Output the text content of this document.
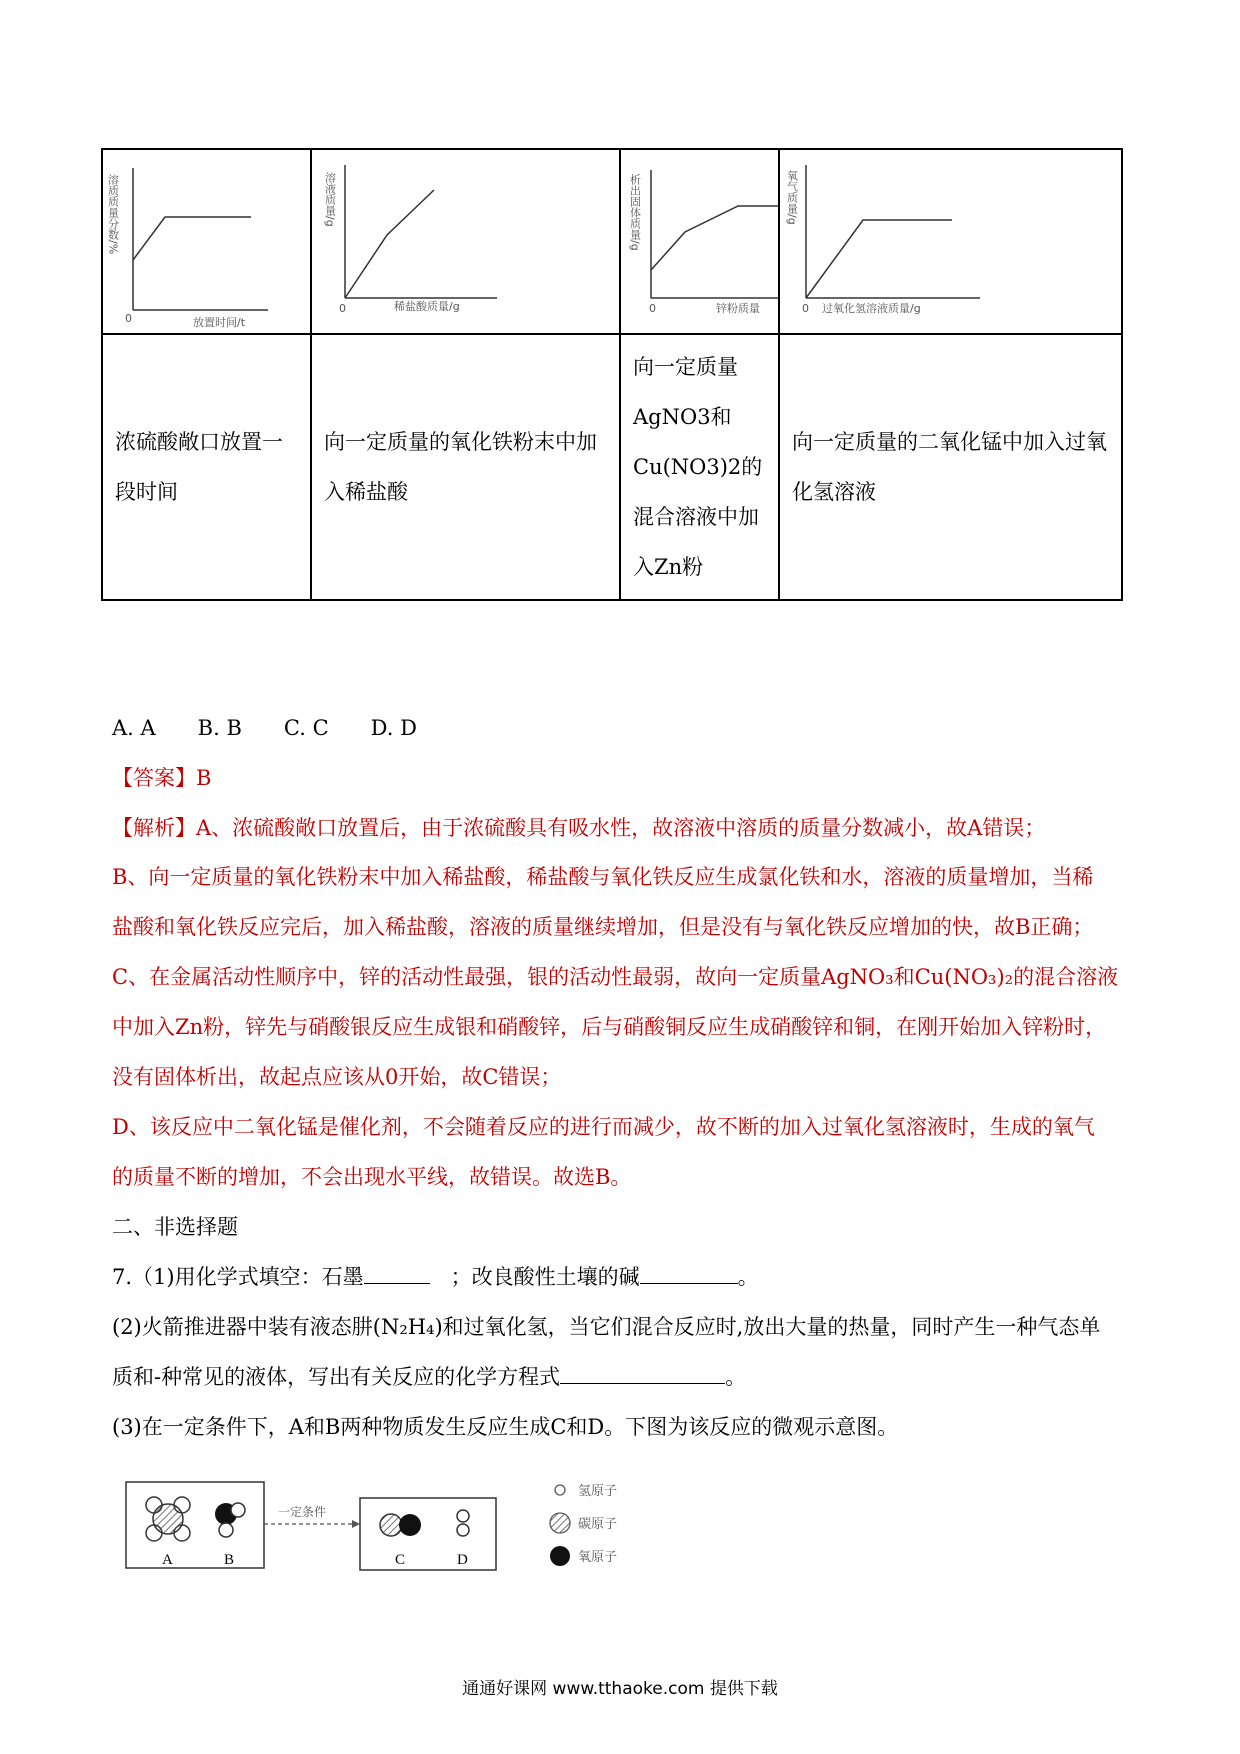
0
溶质质量分数/%
放置时间/t	0
溶液质量/g
稀盐酸质量/g	0
析出固体质量/g
锌粉质量	0
氧气质量/g
过氧化氢溶液质量/g

浓硫酸敞口放置一段时间	向一定质量的氧化铁粉末中加入稀盐酸	向一定质量AgNO3和Cu(NO3)2的混合溶液中加入Zn粉	向一定质量的二氧化锰中加入过氧化氢溶液
A. A　　B. B　　C. C　　D. D
【答案】B
【解析】A、浓硫酸敞口放置后，由于浓硫酸具有吸水性，故溶液中溶质的质量分数减小，故A错误；
B、向一定质量的氧化铁粉末中加入稀盐酸，稀盐酸与氧化铁反应生成氯化铁和水，溶液的质量增加，当稀
盐酸和氧化铁反应完后，加入稀盐酸，溶液的质量继续增加，但是没有与氧化铁反应增加的快，故B正确；
C、在金属活动性顺序中，锌的活动性最强，银的活动性最弱，故向一定质量AgNO₃和Cu(NO₃)₂的混合溶液
中加入Zn粉，锌先与硝酸银反应生成银和硝酸锌，后与硝酸铜反应生成硝酸锌和铜，在刚开始加入锌粉时，
没有固体析出，故起点应该从0开始，故C错误；
D、该反应中二氧化锰是催化剂，不会随着反应的进行而减少，故不断的加入过氧化氢溶液时，生成的氧气
的质量不断的增加，不会出现水平线，故错误。故选B。
二、非选择题
7.（1)用化学式填空：石墨　	；改良酸性土壤的碱	。
(2)火箭推进器中装有液态肼(N₂H₄)和过氧化氢，当它们混合反应时,放出大量的热量，同时产生一种气态单
质和-种常见的液体，写出有关反应的化学方程式	。
(3)在一定条件下，A和B两种物质发生反应生成C和D。下图为该反应的微观示意图。
A	B
一定条件
C	D
氢原子
碳原子
氧原子
通通好课网 www.tthaoke.com 提供下载
